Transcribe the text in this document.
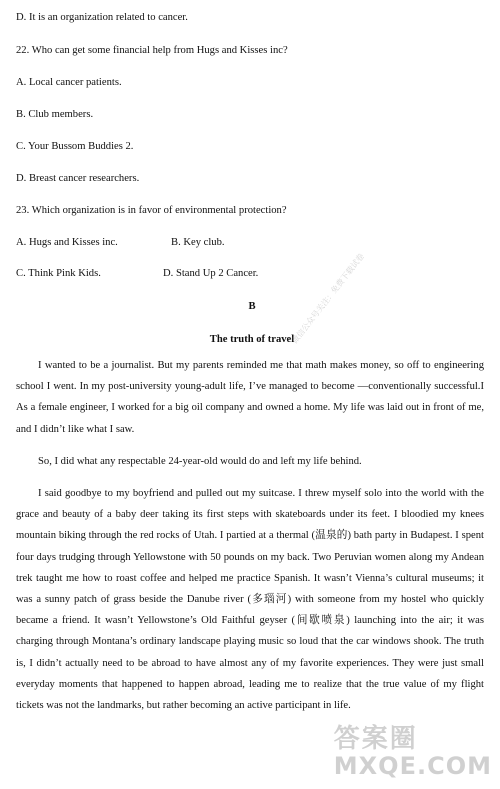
D. It is an organization related to cancer.
22. Who can get some financial help from Hugs and Kisses inc?
A. Local cancer patients.
B. Club members.
C. Your Bussom Buddies 2.
D. Breast cancer researchers.
23. Which organization is in favor of environmental protection?
A. Hugs and Kisses inc.	B. Key club.
C. Think Pink Kids.	D. Stand Up 2 Cancer.
B
The truth of travel

I wanted to be a journalist. But my parents reminded me that math makes money, so off to engineering school I went. In my post-university young-adult life, I’ve managed to become —conventionally successful.I As a female engineer, I worked for a big oil company and owned a home. My life was laid out in front of me, and I didn’t like what I saw.

So, I did what any respectable 24-year-old would do and left my life behind.

I said goodbye to my boyfriend and pulled out my suitcase. I threw myself solo into the world with the grace and beauty of a baby deer taking its first steps with skateboards under its feet. I bloodied my knees mountain biking through the red rocks of Utah. I partied at a thermal (温泉的) bath party in Budapest. I spent four days trudging through Yellowstone with 50 pounds on my back. Two Peruvian women along my Andean trek taught me how to roast coffee and helped me practice Spanish. It wasn’t Vienna’s cultural museums; it was a sunny patch of grass beside the Danube river (多瑙河) with someone from my hostel who quickly became a friend. It wasn’t Yellowstone’s Old Faithful geyser (间歇喷泉) launching into the air; it was charging through Montana’s ordinary landscape playing music so loud that the car windows shook. The truth is, I didn’t actually need to be abroad to have almost any of my favorite experiences. They were just small everyday moments that happened to happen abroad, leading me to realize that the true value of my flight tickets was not the landmarks, but rather becoming an active participant in life.

微信公众号关注：免费下载试卷
答案圈
MXQE.COM
